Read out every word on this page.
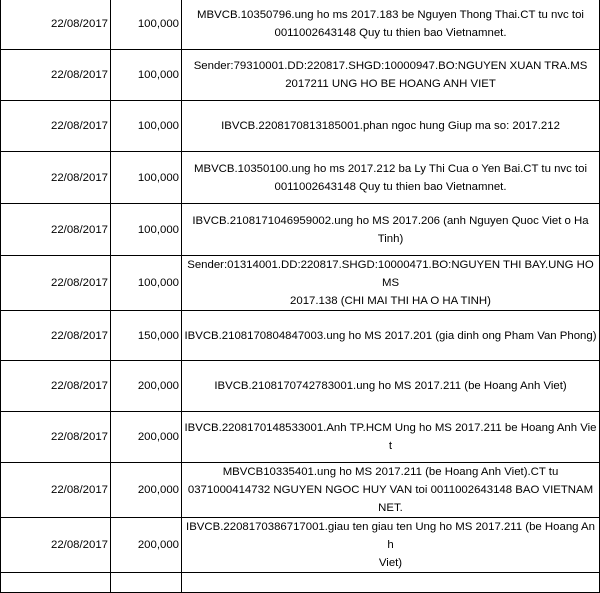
22/08/2017	100,000	MBVCB.10350796.ung ho ms 2017.183 be Nguyen Thong Thai.CT tu nvc toi
0011002643148 Quy tu thien bao Vietnamnet.

22/08/2017	100,000	Sender:79310001.DD:220817.SHGD:10000947.BO:NGUYEN XUAN TRA.MS
2017211 UNG HO BE HOANG ANH VIET

22/08/2017	100,000	IBVCB.2208170813185001.phan ngoc hung Giup ma so: 2017.212

22/08/2017	100,000	MBVCB.10350100.ung ho ms 2017.212 ba Ly Thi Cua o Yen Bai.CT tu nvc toi
0011002643148 Quy tu thien bao Vietnamnet.

22/08/2017	100,000	IBVCB.2108171046959002.ung ho MS 2017.206 (anh Nguyen Quoc Viet o Ha
Tinh)

22/08/2017	100,000	Sender:01314001.DD:220817.SHGD:10000471.BO:NGUYEN THI BAY.UNG HO MS
2017.138 (CHI MAI THI HA O HA TINH)

22/08/2017	150,000	IBVCB.2108170804847003.ung ho MS 2017.201 (gia dinh ong Pham Van Phong)

22/08/2017	200,000	IBVCB.2108170742783001.ung ho MS 2017.211 (be Hoang Anh Viet)

22/08/2017	200,000	IBVCB.2208170148533001.Anh TP.HCM Ung ho MS 2017.211 be Hoang Anh Viet

22/08/2017	200,000	MBVCB10335401.ung ho MS 2017.211 (be Hoang Anh Viet).CT tu
0371000414732 NGUYEN NGOC HUY VAN toi 0011002643148 BAO VIETNAMNET.

22/08/2017	200,000	IBVCB.2208170386717001.giau ten giau ten Ung ho MS 2017.211 (be Hoang Anh
Viet)
